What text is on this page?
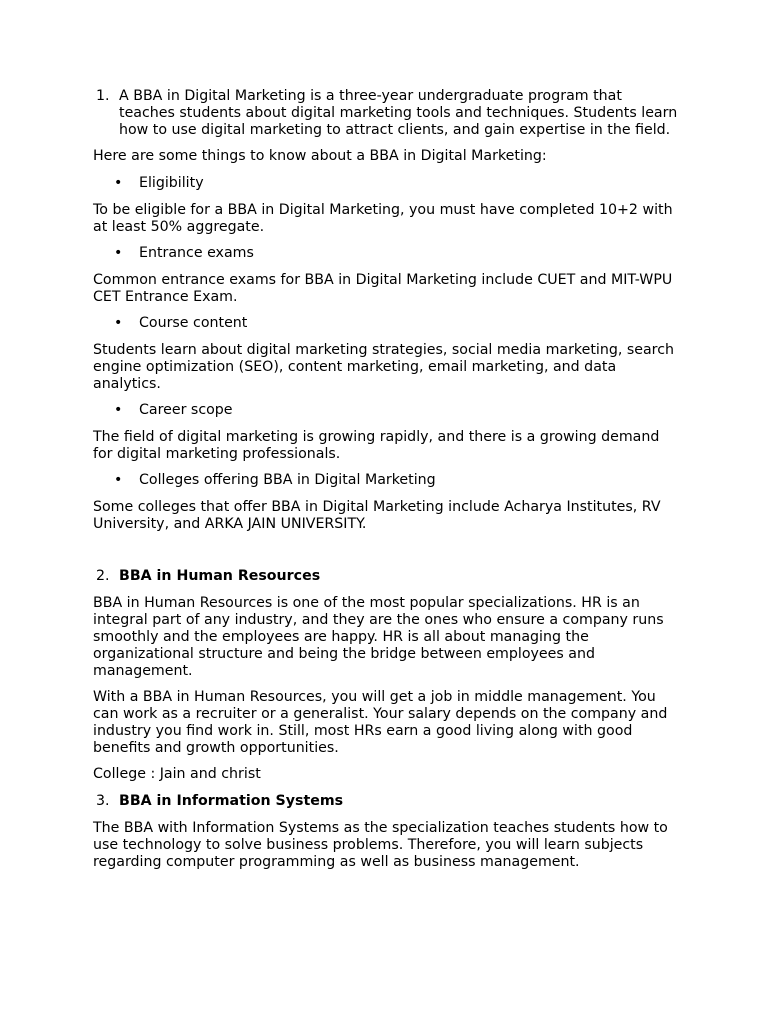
1. A BBA in Digital Marketing is a three-year undergraduate program that teaches students about digital marketing tools and techniques. Students learn how to use digital marketing to attract clients, and gain expertise in the field.

Here are some things to know about a BBA in Digital Marketing:

• Eligibility

To be eligible for a BBA in Digital Marketing, you must have completed 10+2 with at least 50% aggregate.

• Entrance exams

Common entrance exams for BBA in Digital Marketing include CUET and MIT-WPU CET Entrance Exam.

• Course content

Students learn about digital marketing strategies, social media marketing, search engine optimization (SEO), content marketing, email marketing, and data analytics.

• Career scope

The field of digital marketing is growing rapidly, and there is a growing demand for digital marketing professionals.

• Colleges offering BBA in Digital Marketing

Some colleges that offer BBA in Digital Marketing include Acharya Institutes, RV University, and ARKA JAIN UNIVERSITY.

2. BBA in Human Resources

BBA in Human Resources is one of the most popular specializations. HR is an integral part of any industry, and they are the ones who ensure a company runs smoothly and the employees are happy. HR is all about managing the organizational structure and being the bridge between employees and management.

With a BBA in Human Resources, you will get a job in middle management. You can work as a recruiter or a generalist. Your salary depends on the company and industry you find work in. Still, most HRs earn a good living along with good benefits and growth opportunities.

College : Jain and christ

3. BBA in Information Systems

The BBA with Information Systems as the specialization teaches students how to use technology to solve business problems. Therefore, you will learn subjects regarding computer programming as well as business management.
